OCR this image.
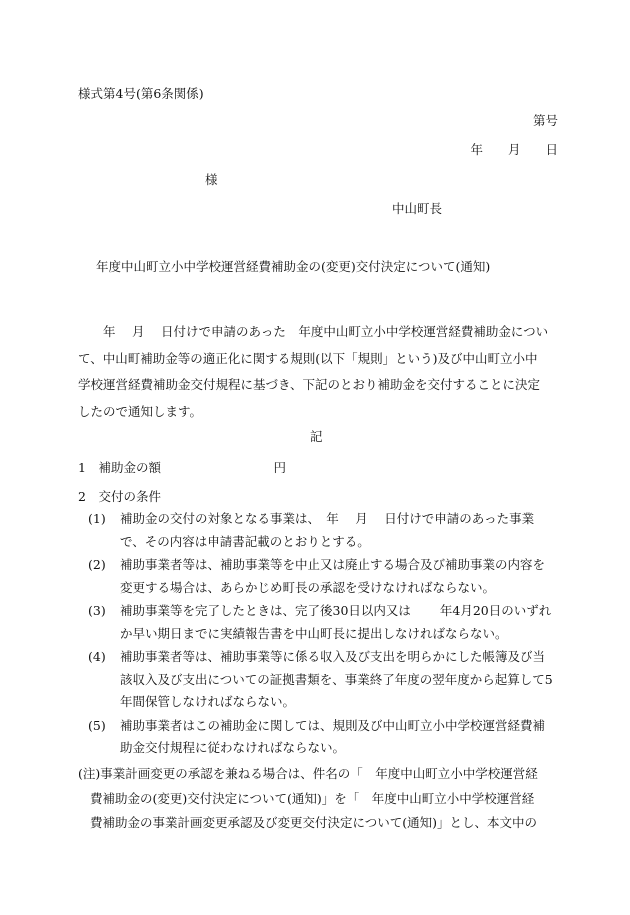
様式第4号(第6条関係)
第号
年　　月　　日
様
中山町長
年度中山町立小中学校運営経費補助金の(変更)交付決定について(通知)
　　年　 月　 日付けで申請のあった　年度中山町立小中学校運営経費補助金につい
て、中山町補助金等の適正化に関する規則(以下「規則」という)及び中山町立小中
学校運営経費補助金交付規程に基づき、下記のとおり補助金を交付することに決定
したので通知します。
記
1　補助金の額　　　　　　　　　円
2　交付の条件
(1)	補助金の交付の対象となる事業は、　年　 月　 日付けで申請のあった事業
で、その内容は申請書記載のとおりとする。
(2)	補助事業者等は、補助事業等を中止又は廃止する場合及び補助事業の内容を
変更する場合は、あらかじめ町長の承認を受けなければならない。
(3)	補助事業等を完了したときは、完了後30日以内又は　　 年4月20日のいずれ
か早い期日までに実績報告書を中山町長に提出しなければならない。
(4)	補助事業者等は、補助事業等に係る収入及び支出を明らかにした帳簿及び当
該収入及び支出についての証拠書類を、事業終了年度の翌年度から起算して5
年間保管しなければならない。
(5)	補助事業者はこの補助金に関しては、規則及び中山町立小中学校運営経費補
助金交付規程に従わなければならない。
(注)事業計画変更の承認を兼ねる場合は、件名の「　年度中山町立小中学校運営経
費補助金の(変更)交付決定について(通知)」を「　年度中山町立小中学校運営経
費補助金の事業計画変更承認及び変更交付決定について(通知)」とし、本文中の
